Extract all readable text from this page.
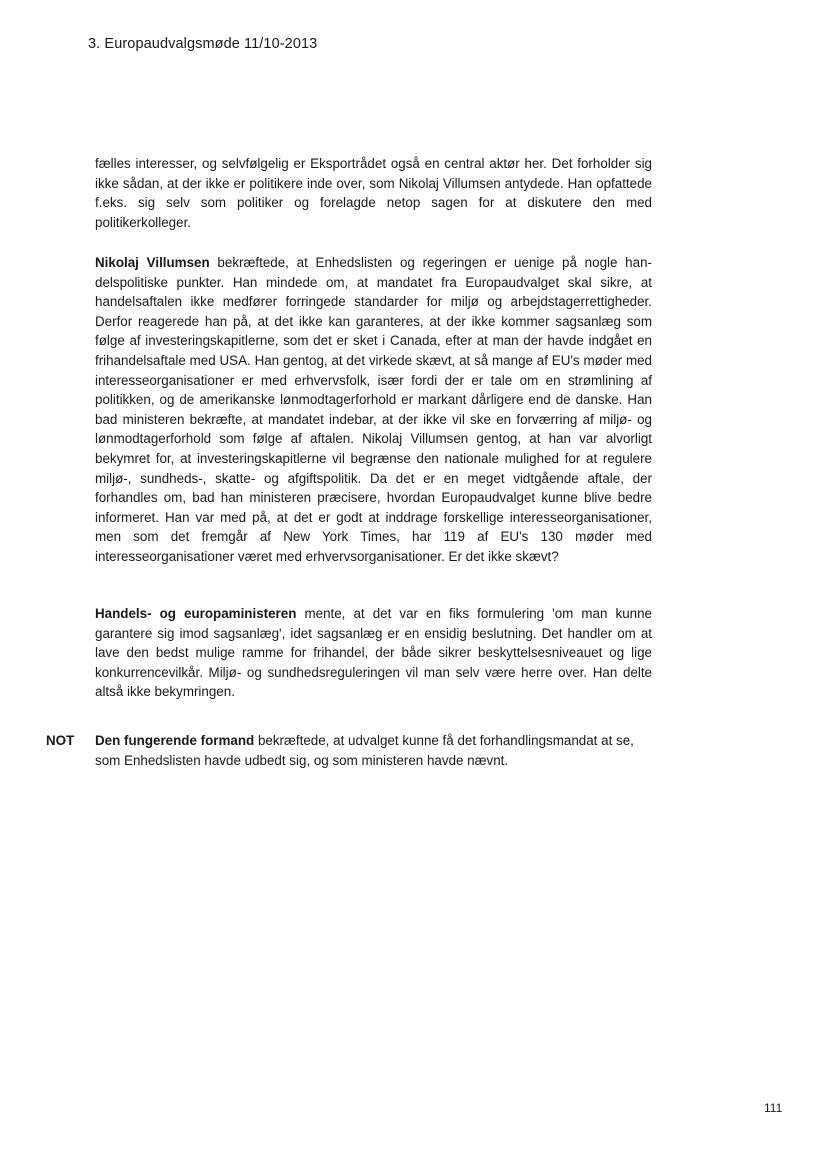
3. Europaudvalgsmøde 11/10-2013

fælles interesser, og selvfølgelig er Eksportrådet også en central aktør her. Det forholder sig ikke sådan, at der ikke er politikere inde over, som Nikolaj Villumsen antydede. Han opfattede f.eks. sig selv som politiker og forelagde netop sagen for at diskutere den med politikerkolleger.

Nikolaj Villumsen bekræftede, at Enhedslisten og regeringen er uenige på nogle handelspolitiske punkter. Han mindede om, at mandatet fra Europaudvalget skal sikre, at handelsaftalen ikke medfører forringede standarder for miljø og arbejdstagerrettigheder. Derfor reagerede han på, at det ikke kan garanteres, at der ikke kommer sagsanlæg som følge af investeringskapitlerne, som det er sket i Canada, efter at man der havde indgået en frihandelsaftale med USA. Han gentog, at det virkede skævt, at så mange af EU's møder med interesseorganisationer er med erhvervsfolk, især fordi der er tale om en strømlining af politikken, og de amerikanske lønmodtagerforhold er markant dårligere end de danske. Han bad ministeren bekræfte, at mandatet indebar, at der ikke vil ske en forværring af miljø- og lønmodtagerforhold som følge af aftalen. Nikolaj Villumsen gentog, at han var alvorligt bekymret for, at investeringskapitlerne vil begrænse den nationale mulighed for at regulere miljø-, sundheds-, skatte- og afgiftspolitik. Da det er en meget vidtgående aftale, der forhandles om, bad han ministeren præcisere, hvordan Europaudvalget kunne blive bedre informeret. Han var med på, at det er godt at inddrage forskellige interesseorganisationer, men som det fremgår af New York Times, har 119 af EU's 130 møder med interesseorganisationer været med erhvervsorganisationer. Er det ikke skævt?

Handels- og europaministeren mente, at det var en fiks formulering 'om man kunne garantere sig imod sagsanlæg', idet sagsanlæg er en ensidig beslutning. Det handler om at lave den bedst mulige ramme for frihandel, der både sikrer beskyttelsesniveauet og lige konkurrencevilkår. Miljø- og sundhedsreguleringen vil man selv være herre over. Han delte altså ikke bekymringen.

NOT Den fungerende formand bekræftede, at udvalget kunne få det forhandlingsmandat at se, som Enhedslisten havde udbedt sig, og som ministeren havde nævnt.

111
